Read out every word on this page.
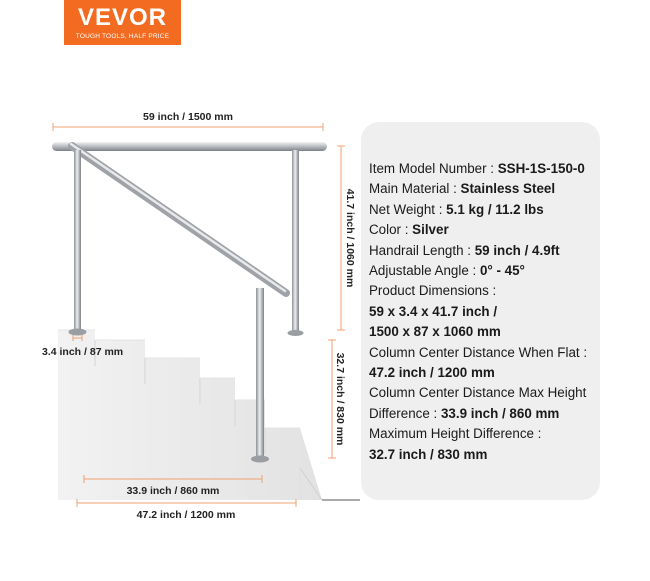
VEVOR
TOUGH TOOLS, HALF PRICE
59 inch / 1500 mm
41.7 inch / 1060 mm
3.4 inch / 87 mm
32.7 inch / 830 mm
33.9 inch / 860 mm
47.2 inch / 1200 mm
Item Model Number : SSH-1S-150-0
Main Material : Stainless Steel
Net Weight : 5.1 kg / 11.2 lbs
Color : Silver
Handrail Length : 59 inch / 4.9ft
Adjustable Angle : 0° - 45°
Product Dimensions :
59 x 3.4 x 41.7 inch /
1500 x 87 x 1060 mm
Column Center Distance When Flat :
47.2 inch / 1200 mm
Column Center Distance Max Height
Difference : 33.9 inch / 860 mm
Maximum Height Difference :
32.7 inch / 830 mm
